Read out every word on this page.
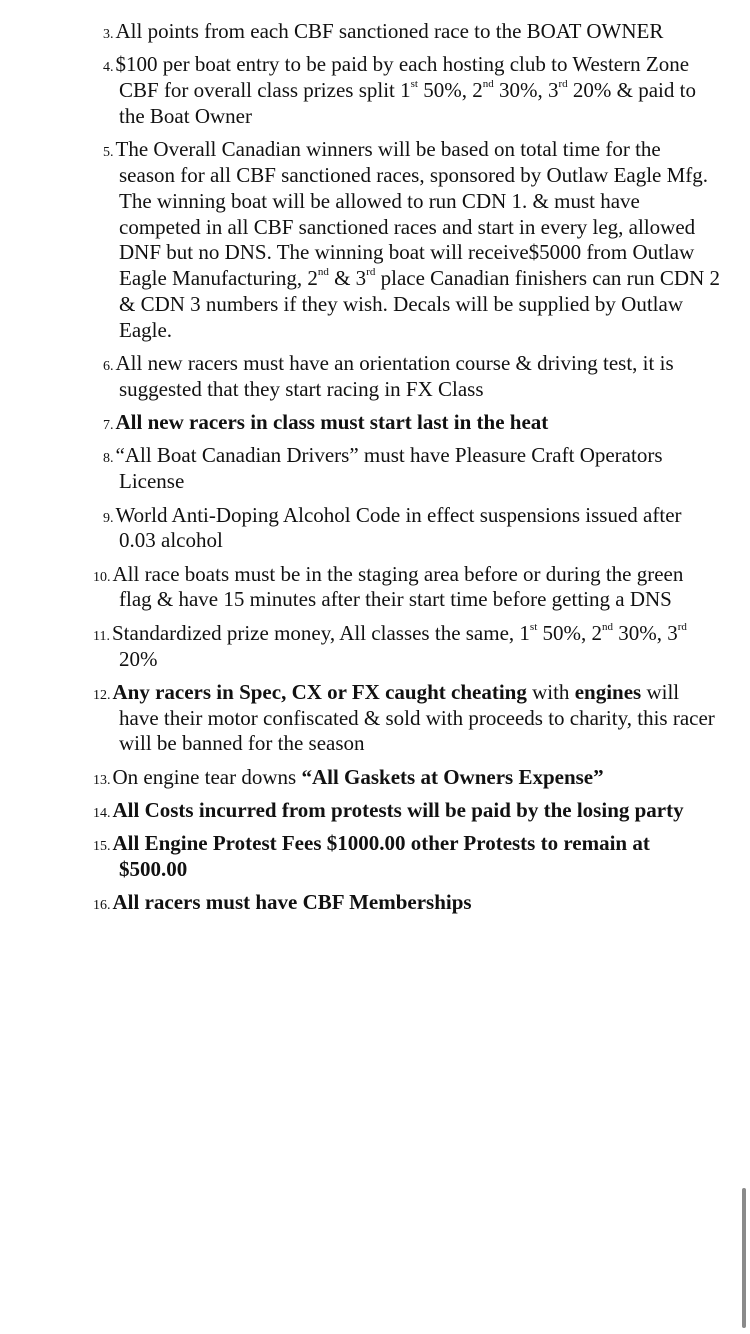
3. All points from each CBF sanctioned race to the BOAT OWNER
4. $100 per boat entry to be paid by each hosting club to Western Zone CBF for overall class prizes split 1st 50%, 2nd 30%, 3rd 20% & paid to the Boat Owner
5. The Overall Canadian winners will be based on total time for the season for all CBF sanctioned races, sponsored by Outlaw Eagle Mfg. The winning boat will be allowed to run CDN 1. & must have competed in all CBF sanctioned races and start in every leg, allowed DNF but no DNS. The winning boat will receive$5000 from Outlaw Eagle Manufacturing, 2nd & 3rd place Canadian finishers can run CDN 2 & CDN 3 numbers if they wish. Decals will be supplied by Outlaw Eagle.
6. All new racers must have an orientation course & driving test, it is suggested that they start racing in FX Class
7. All new racers in class must start last in the heat
8. “All Boat Canadian Drivers” must have Pleasure Craft Operators License
9. World Anti-Doping Alcohol Code in effect suspensions issued after 0.03 alcohol
10. All race boats must be in the staging area before or during the green flag & have 15 minutes after their start time before getting a DNS
11. Standardized prize money, All classes the same, 1st 50%, 2nd 30%, 3rd 20%
12. Any racers in Spec, CX or FX caught cheating with engines will have their motor confiscated & sold with proceeds to charity, this racer will be banned for the season
13. On engine tear downs “All Gaskets at Owners Expense”
14. All Costs incurred from protests will be paid by the losing party
15. All Engine Protest Fees $1000.00 other Protests to remain at $500.00
16. All racers must have CBF Memberships
